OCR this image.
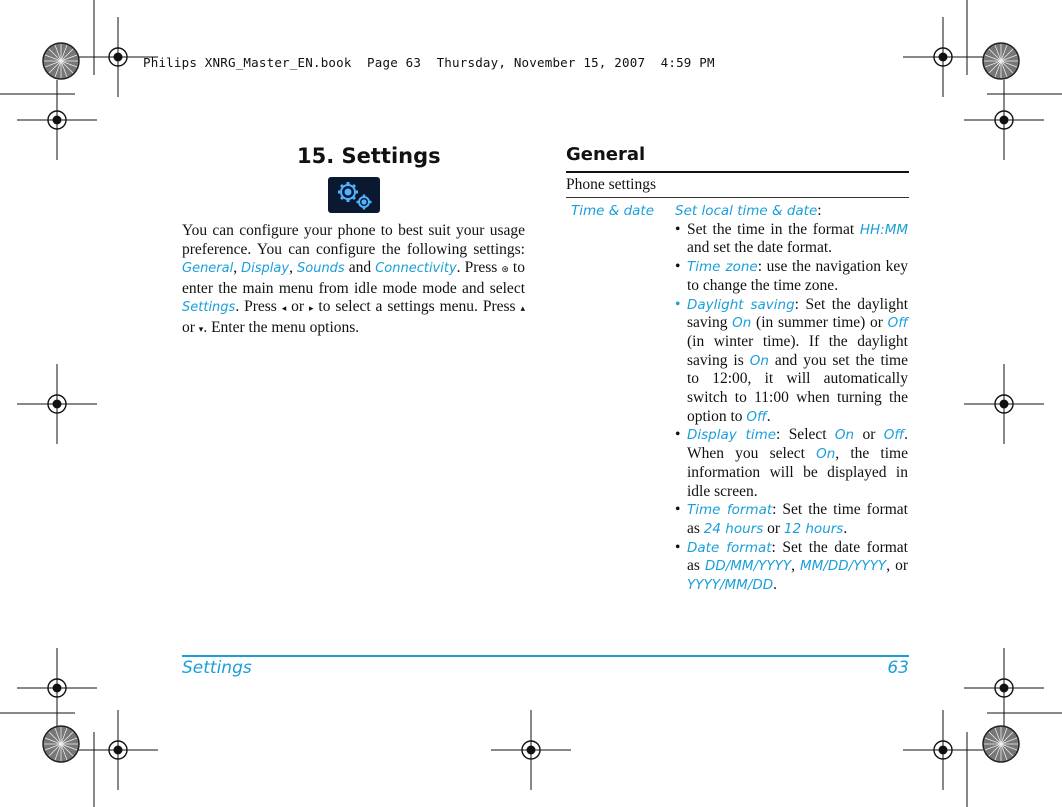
Philips XNRG_Master_EN.book  Page 63  Thursday, November 15, 2007  4:59 PM
15. Settings
You can configure your phone to best suit your usage preference. You can configure the following settings: General, Display, Sounds and Connectivity. Press ⊛ to enter the main menu from idle mode mode and select Settings. Press ◂ or ▸ to select a settings menu. Press ▴ or ▾. Enter the menu options.
General
Phone settings
Time & date Set local time & date:
• Set the time in the format HH:MM and set the date format.
• Time zone: use the navigation key to change the time zone.
• Daylight saving: Set the daylight saving On (in summer time) or Off (in winter time). If the daylight saving is On and you set the time to 12:00, it will automatically switch to 11:00 when turning the option to Off.
• Display time: Select On or Off. When you select On, the time information will be displayed in idle screen.
• Time format: Set the time format as 24 hours or 12 hours.
• Date format: Set the date format as DD/MM/YYYY, MM/DD/YYYY, or YYYY/MM/DD.
Settings	63
